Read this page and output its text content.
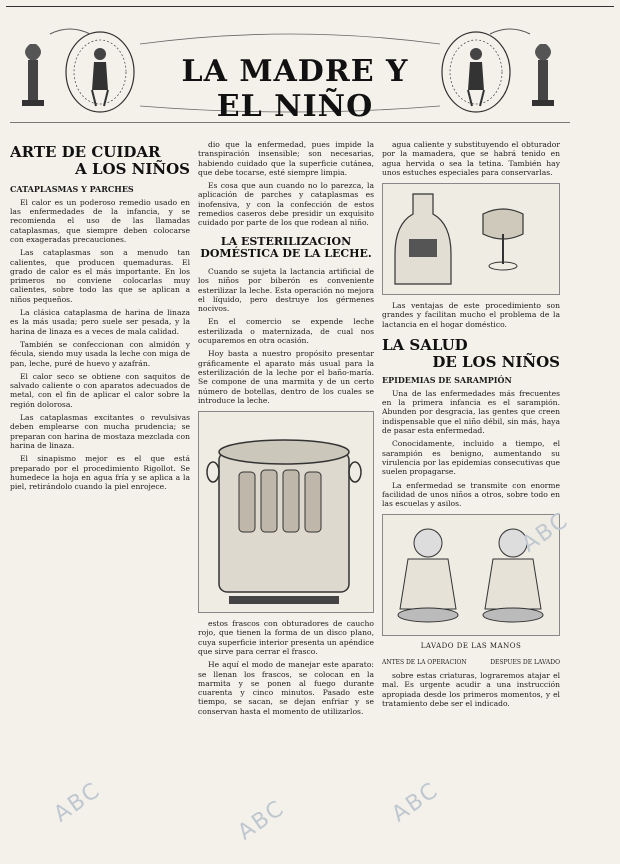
LA MADRE Y EL NIÑO
ARTE DE CUIDAR
A LOS NIÑOS
CATAPLASMAS Y PARCHES

El calor es un poderoso remedio usado en las enfermedades de la infancia, y se recomienda el uso de las llamadas cataplasmas, que siempre deben colocarse con exageradas precauciones.

Las cataplasmas son a menudo tan calientes, que producen quemaduras. El grado de calor es el más importante. En los primeros no conviene colocarlas muy calientes, sobre todo las que se aplican a niños pequeños.

La clásica cataplasma de harina de linaza es la más usada; pero suele ser pesada, y la harina de linaza es a veces de mala calidad.

También se confeccionan con almidón y fécula, siendo muy usada la leche con miga de pan, leche, puré de huevo y azafrán.

El calor seco se obtiene con saquitos de salvado caliente o con aparatos adecuados de metal, con el fin de aplicar el calor sobre la región dolorosa.

Las cataplasmas excitantes o revulsivas deben emplearse con mucha prudencia; se preparan con harina de mostaza mezclada con harina de linaza.

El sinapismo mejor es el que está preparado por el procedimiento Rigollot. Se humedece la hoja en agua fría y se aplica a la piel, retirándolo cuando la piel enrojece.

dio que la enfermedad, pues impide la transpiración insensible; son necesarias, habiendo cuidado que la superficie cutánea, que debe tocarse, esté siempre limpia.

Es cosa que aun cuando no lo parezca, la aplicación de parches y cataplasmas es inofensiva, y con la confección de estos remedios caseros debe presidir un exquisito cuidado por parte de los que rodean al niño.

LA ESTERILIZACION DOMÉSTICA DE LA LECHE.

Cuando se sujeta la lactancia artificial de los niños por biberón es conveniente esterilizar la leche. Esta operación no mejora el líquido, pero destruye los gérmenes nocivos.

En el comercio se expende leche esterilizada o maternizada, de cual nos ocuparemos en otra ocasión.

Hoy basta a nuestro propósito presentar gráficamente el aparato más usual para la esterilización de la leche por el baño-maría. Se compone de una marmita y de un certo número de botellas, dentro de los cuales se introduce la leche.

estos frascos con obturadores de caucho rojo, que tienen la forma de un disco plano, cuya superficie interior presenta un apéndice que sirve para cerrar el frasco.

He aquí el modo de manejar este aparato: se llenan los frascos, se colocan en la marmita y se ponen al fuego durante cuarenta y cinco minutos. Pasado este tiempo, se sacan, se dejan enfriar y se conservan hasta el momento de utilizarlos.

agua caliente y substituyendo el obturador por la mamadera, que se habrá tenido en agua hervida o sea la tetina. También hay unos estuches especiales para conservarlas.

Las ventajas de este procedimiento son grandes y facilitan mucho el problema de la lactancia en el hogar doméstico.

LA SALUD
DE LOS NIÑOS
EPIDEMIAS DE SARAMPIÓN

Una de las enfermedades más frecuentes en la primera infancia es el sarampión. Abunden por desgracia, las gentes que creen indispensable que el niño débil, sin más, haya de pasar esta enfermedad.

Conocidamente, incluido a tiempo, el sarampión es benigno, aumentando su virulencia por las epidemias consecutivas que suelen propagarse.

La enfermedad se transmite con enorme facilidad de unos niños a otros, sobre todo en las escuelas y asilos.

LAVADO DE LAS MANOS
ANTES DE LA OPERACION	DESPUES DE LAVADO

sobre estas criaturas, lograremos atajar el mal. Es urgente acudir a una instrucción apropiada desde los primeros momentos, y el tratamiento debe ser el indicado.

ABC
ABC	ABC
ABC
